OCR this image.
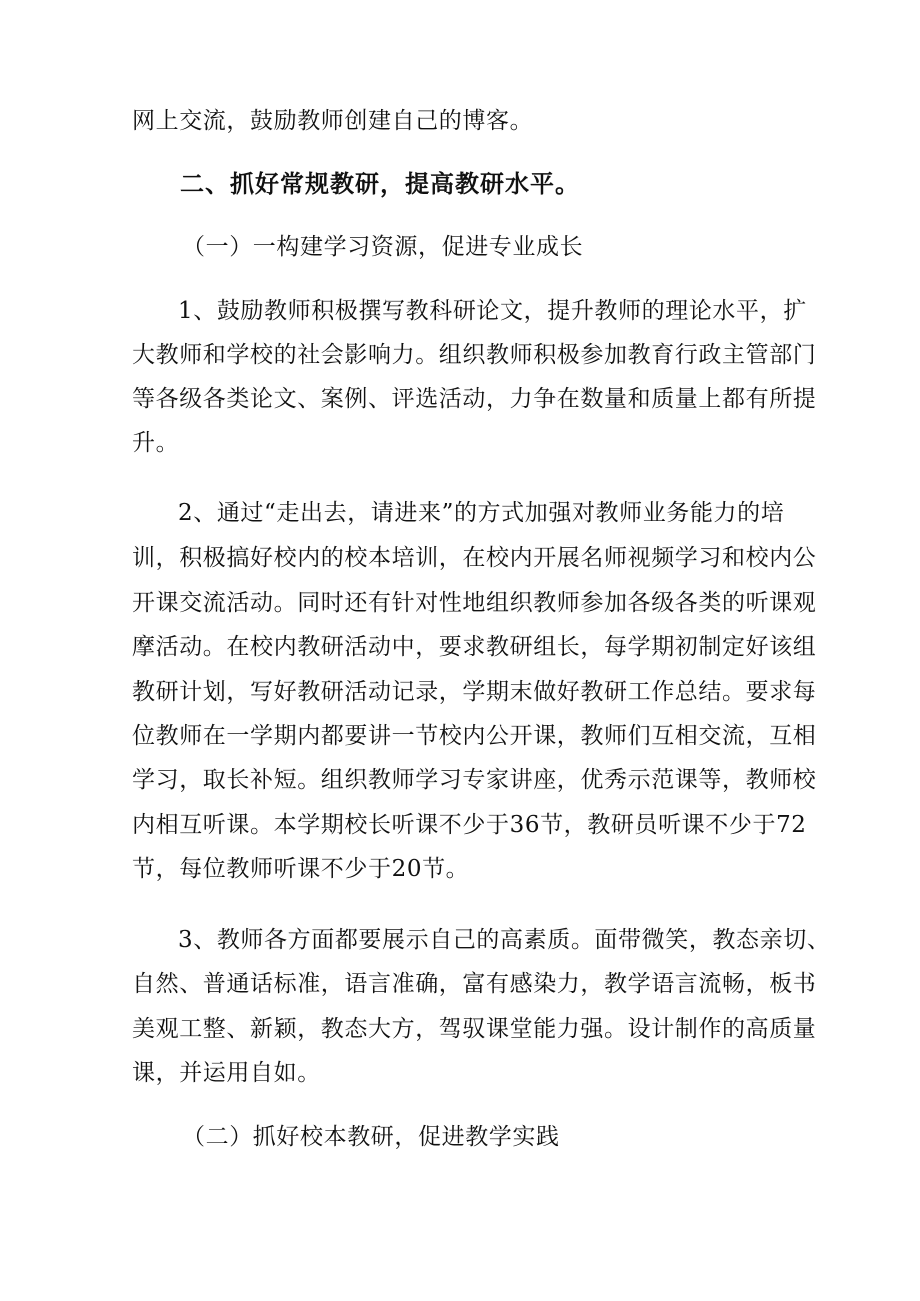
网上交流，鼓励教师创建自己的博客。
二、抓好常规教研，提高教研水平。
（一）一构建学习资源，促进专业成长
1、鼓励教师积极撰写教科研论文，提升教师的理论水平，扩
大教师和学校的社会影响力。组织教师积极参加教育行政主管部门
等各级各类论文、案例、评选活动，力争在数量和质量上都有所提
升。
2、通过“走出去，请进来”的方式加强对教师业务能力的培
训，积极搞好校内的校本培训，在校内开展名师视频学习和校内公
开课交流活动。同时还有针对性地组织教师参加各级各类的听课观
摩活动。在校内教研活动中，要求教研组长，每学期初制定好该组
教研计划，写好教研活动记录，学期末做好教研工作总结。要求每
位教师在一学期内都要讲一节校内公开课，教师们互相交流，互相
学习，取长补短。组织教师学习专家讲座，优秀示范课等，教师校
内相互听课。本学期校长听课不少于36节，教研员听课不少于72
节，每位教师听课不少于20节。
3、教师各方面都要展示自己的高素质。面带微笑，教态亲切、
自然、普通话标准，语言准确，富有感染力，教学语言流畅，板书
美观工整、新颖，教态大方，驾驭课堂能力强。设计制作的高质量
课，并运用自如。
（二）抓好校本教研，促进教学实践
